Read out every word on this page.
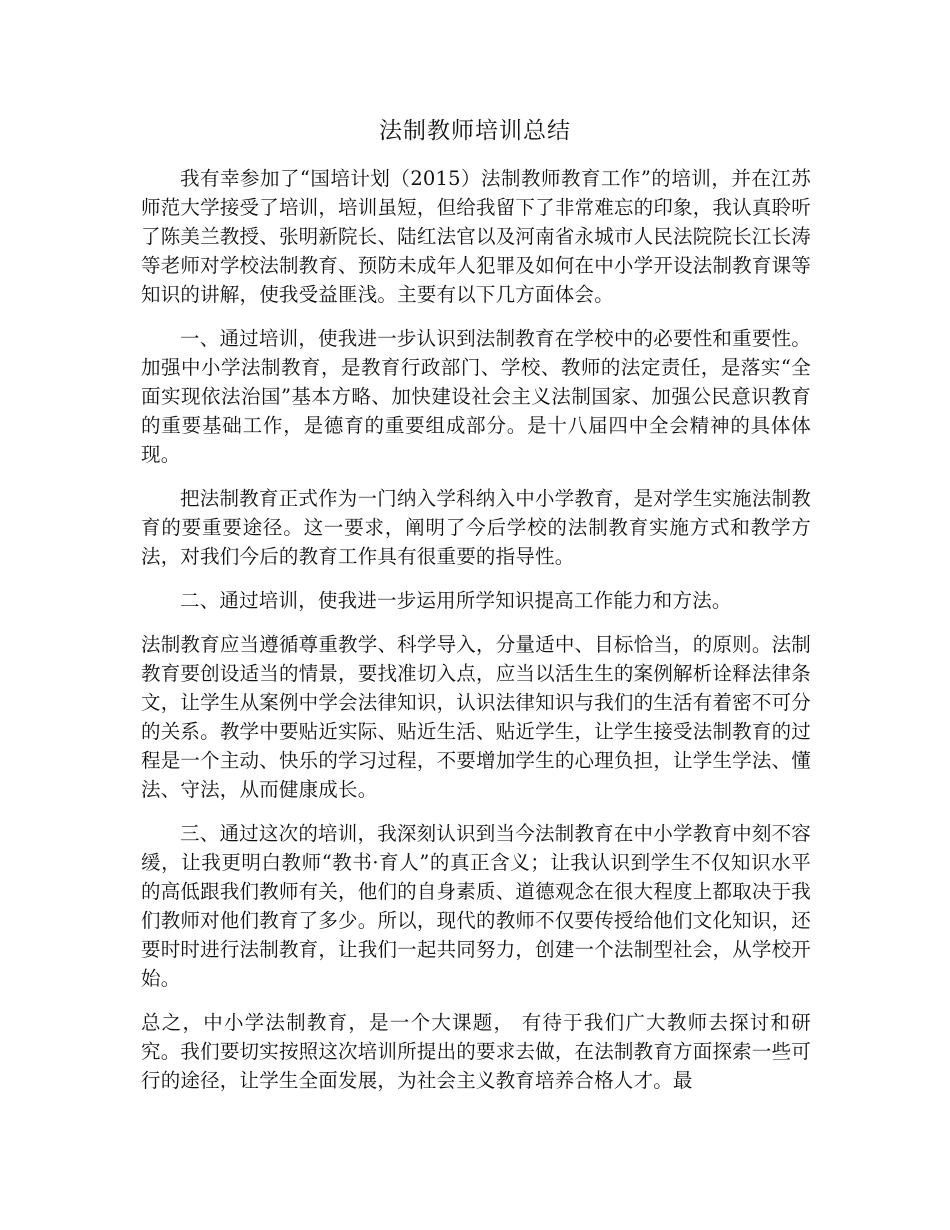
法制教师培训总结

我有幸参加了“国培计划（2015）法制教师教育工作”的培训，并在江苏师范大学接受了培训，培训虽短，但给我留下了非常难忘的印象，我认真聆听了陈美兰教授、张明新院长、陆红法官以及河南省永城市人民法院院长江长涛等老师对学校法制教育、预防未成年人犯罪及如何在中小学开设法制教育课等知识的讲解，使我受益匪浅。主要有以下几方面体会。

一、通过培训，使我进一步认识到法制教育在学校中的必要性和重要性。加强中小学法制教育，是教育行政部门、学校、教师的法定责任，是落实“全面实现依法治国”基本方略、加快建设社会主义法制国家、加强公民意识教育的重要基础工作，是德育的重要组成部分。是十八届四中全会精神的具体体现。

把法制教育正式作为一门纳入学科纳入中小学教育，是对学生实施法制教育的要重要途径。这一要求，阐明了今后学校的法制教育实施方式和教学方法，对我们今后的教育工作具有很重要的指导性。

二、通过培训，使我进一步运用所学知识提高工作能力和方法。

法制教育应当遵循尊重教学、科学导入，分量适中、目标恰当，的原则。法制教育要创设适当的情景，要找准切入点，应当以活生生的案例解析诠释法律条文，让学生从案例中学会法律知识，认识法律知识与我们的生活有着密不可分的关系。教学中要贴近实际、贴近生活、贴近学生，让学生接受法制教育的过程是一个主动、快乐的学习过程，不要增加学生的心理负担，让学生学法、懂法、守法，从而健康成长。

三、通过这次的培训，我深刻认识到当今法制教育在中小学教育中刻不容缓，让我更明白教师“教书·育人”的真正含义；让我认识到学生不仅知识水平的高低跟我们教师有关，他们的自身素质、道德观念在很大程度上都取决于我们教师对他们教育了多少。所以，现代的教师不仅要传授给他们文化知识，还要时时进行法制教育，让我们一起共同努力，创建一个法制型社会，从学校开始。

总之，中小学法制教育，是一个大课题， 有待于我们广大教师去探讨和研究。我们要切实按照这次培训所提出的要求去做，在法制教育方面探索一些可行的途径，让学生全面发展，为社会主义教育培养合格人才。最
